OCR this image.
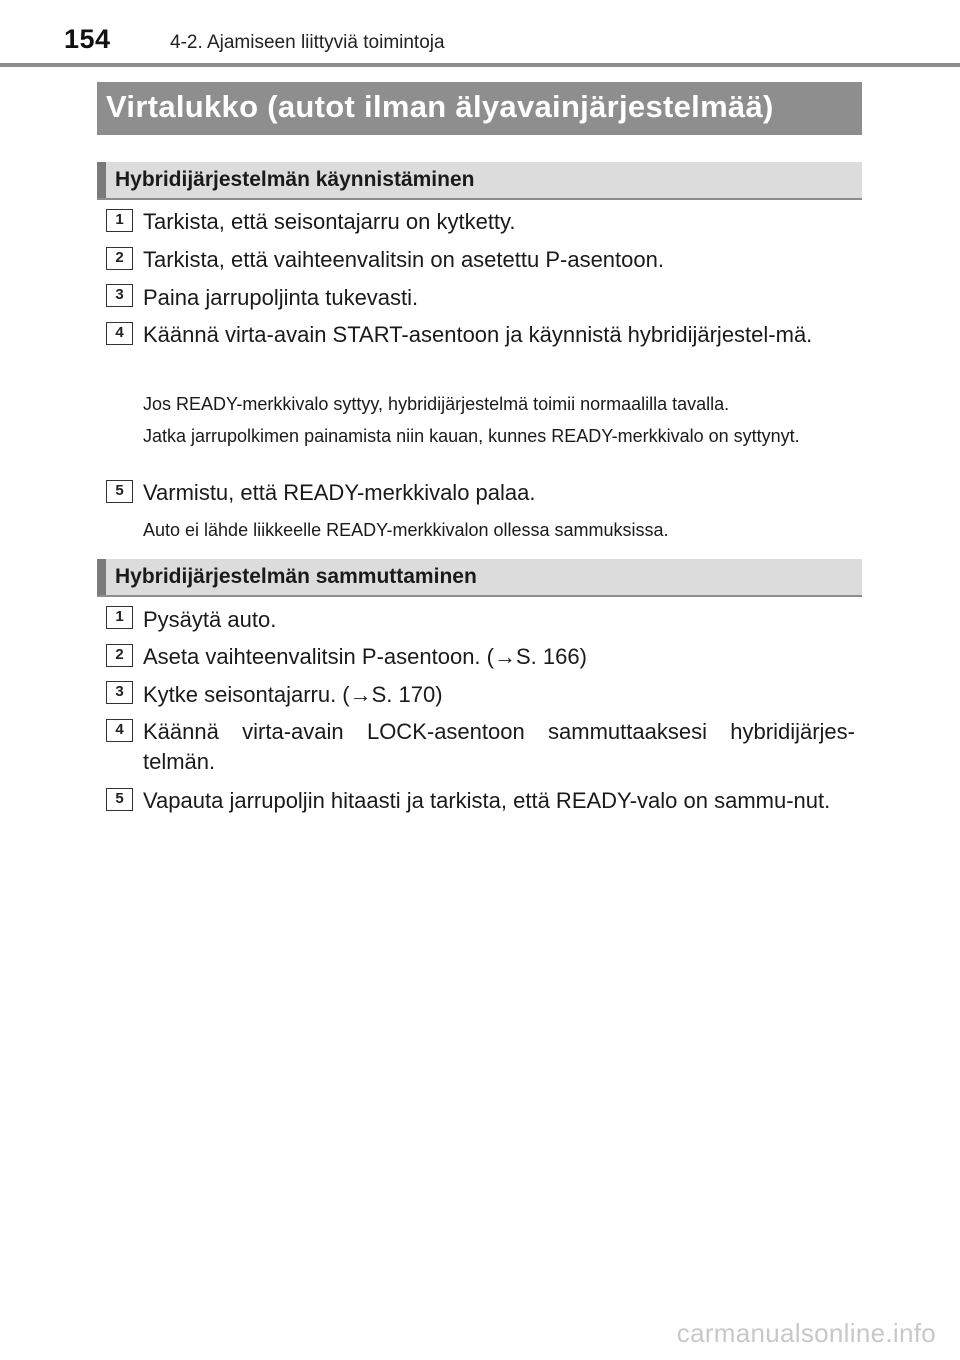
154	4-2. Ajamiseen liittyviä toimintoja
Virtalukko (autot ilman älyavainjärjestelmää)
Hybridijärjestelmän käynnistäminen
1 Tarkista, että seisontajarru on kytketty.
2 Tarkista, että vaihteenvalitsin on asetettu P-asentoon.
3 Paina jarrupoljinta tukevasti.
4 Käännä virta-avain START-asentoon ja käynnistä hybridijärjestel-mä.
Jos READY-merkkivalo syttyy, hybridijärjestelmä toimii normaalilla tavalla.
Jatka jarrupolkimen painamista niin kauan, kunnes READY-merkkivalo on syttynyt.
5 Varmistu, että READY-merkkivalo palaa.
Auto ei lähde liikkeelle READY-merkkivalon ollessa sammuksissa.
Hybridijärjestelmän sammuttaminen
1 Pysäytä auto.
2 Aseta vaihteenvalitsin P-asentoon. (→S. 166)
3 Kytke seisontajarru. (→S. 170)
4 Käännä virta-avain LOCK-asentoon sammuttaaksesi hybridijärjes-telmän.
5 Vapauta jarrupoljin hitaasti ja tarkista, että READY-valo on sammu-nut.
carmanualsonline.info
